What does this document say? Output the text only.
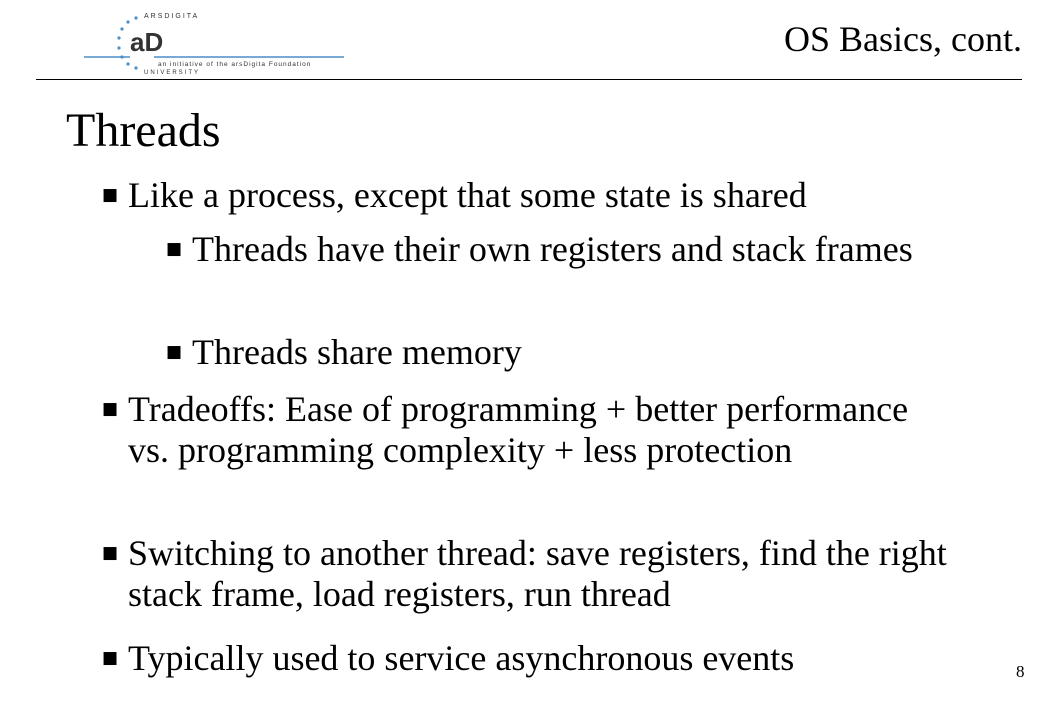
ARSDIGITA
UNIVERSITY
aD
an initiative of the arsDigita Foundation
OS Basics, cont.
Threads
■ Like a process, except that some state is shared
■ Threads have their own registers and stack frames
■ Threads share memory
■ Tradeoffs: Ease of programming + better performance vs. programming complexity + less protection
■ Switching to another thread: save registers, find the right stack frame, load registers, run thread
■ Typically used to service asynchronous events	8
